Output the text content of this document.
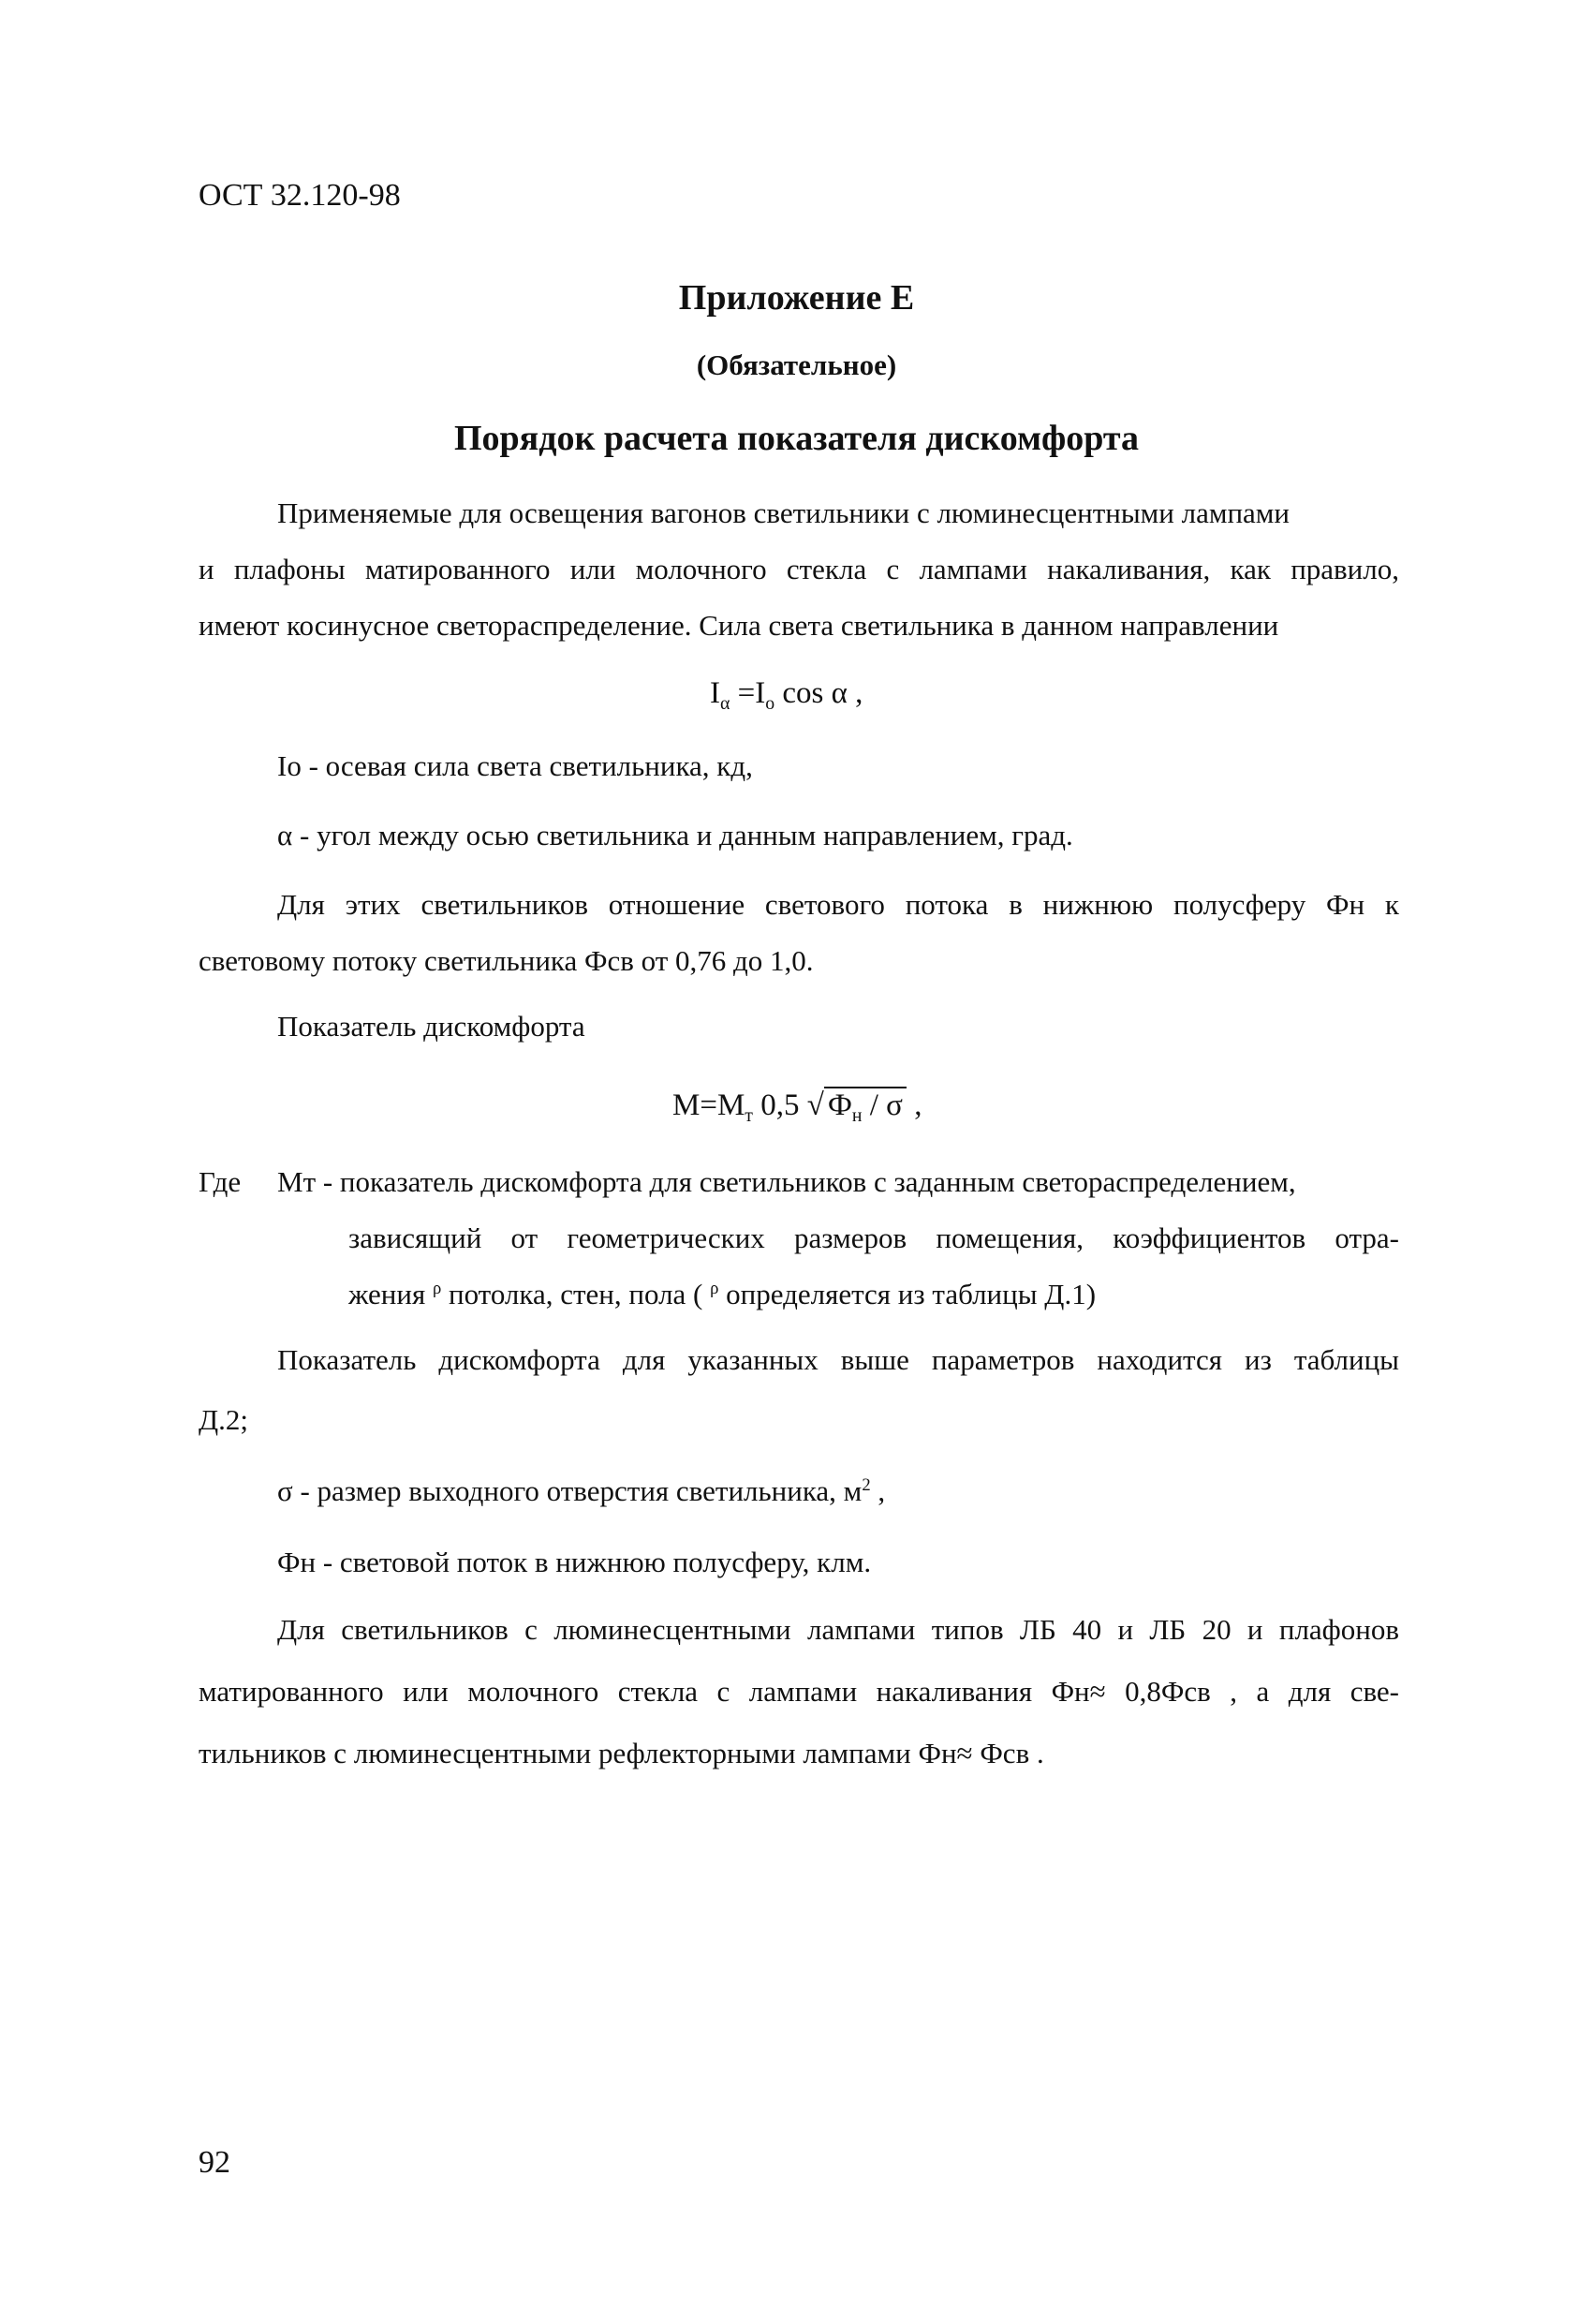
ОСТ 32.120-98

Приложение Е

(Обязательное)

Порядок расчета показателя дискомфорта

Применяемые для освещения вагонов светильники с люминесцентными лампами

и плафоны матированного или молочного стекла с лампами накаливания, как правило,

имеют косинусное светораспределение. Сила света светильника в данном направлении

$I_\alpha =I_o$ cos α ,

Io - осевая сила света светильника, кд,

α - угол между осью светильника и данным направлением, град.

Для этих светильников отношение светового потока в нижнюю полусферу Фн к

световому потоку светильника Фсв от 0,76 до 1,0.

Показатель дискомфорта

$M=M_т$ 0,5 √ $Ф_н$ / σ ,

Где Mт - показатель дискомфорта для светильников с заданным светораспределением,

зависящий от геометрических размеров помещения, коэффициентов отра-

жения $^\rho$ потолка, стен, пола ( $^\rho$ определяется из таблицы Д.1)

Показатель дискомфорта для указанных выше параметров находится из таблицы

Д.2;

σ - размер выходного отверстия светильника, $м^2$ ,

Фн - световой поток в нижнюю полусферу, клм.

Для светильников с люминесцентными лампами типов ЛБ 40 и ЛБ 20 и плафонов

матированного или молочного стекла с лампами накаливания Фн≈ 0,8Фсв , а для све-

тильников с люминесцентными рефлекторными лампами Фн≈ Фсв .

92
